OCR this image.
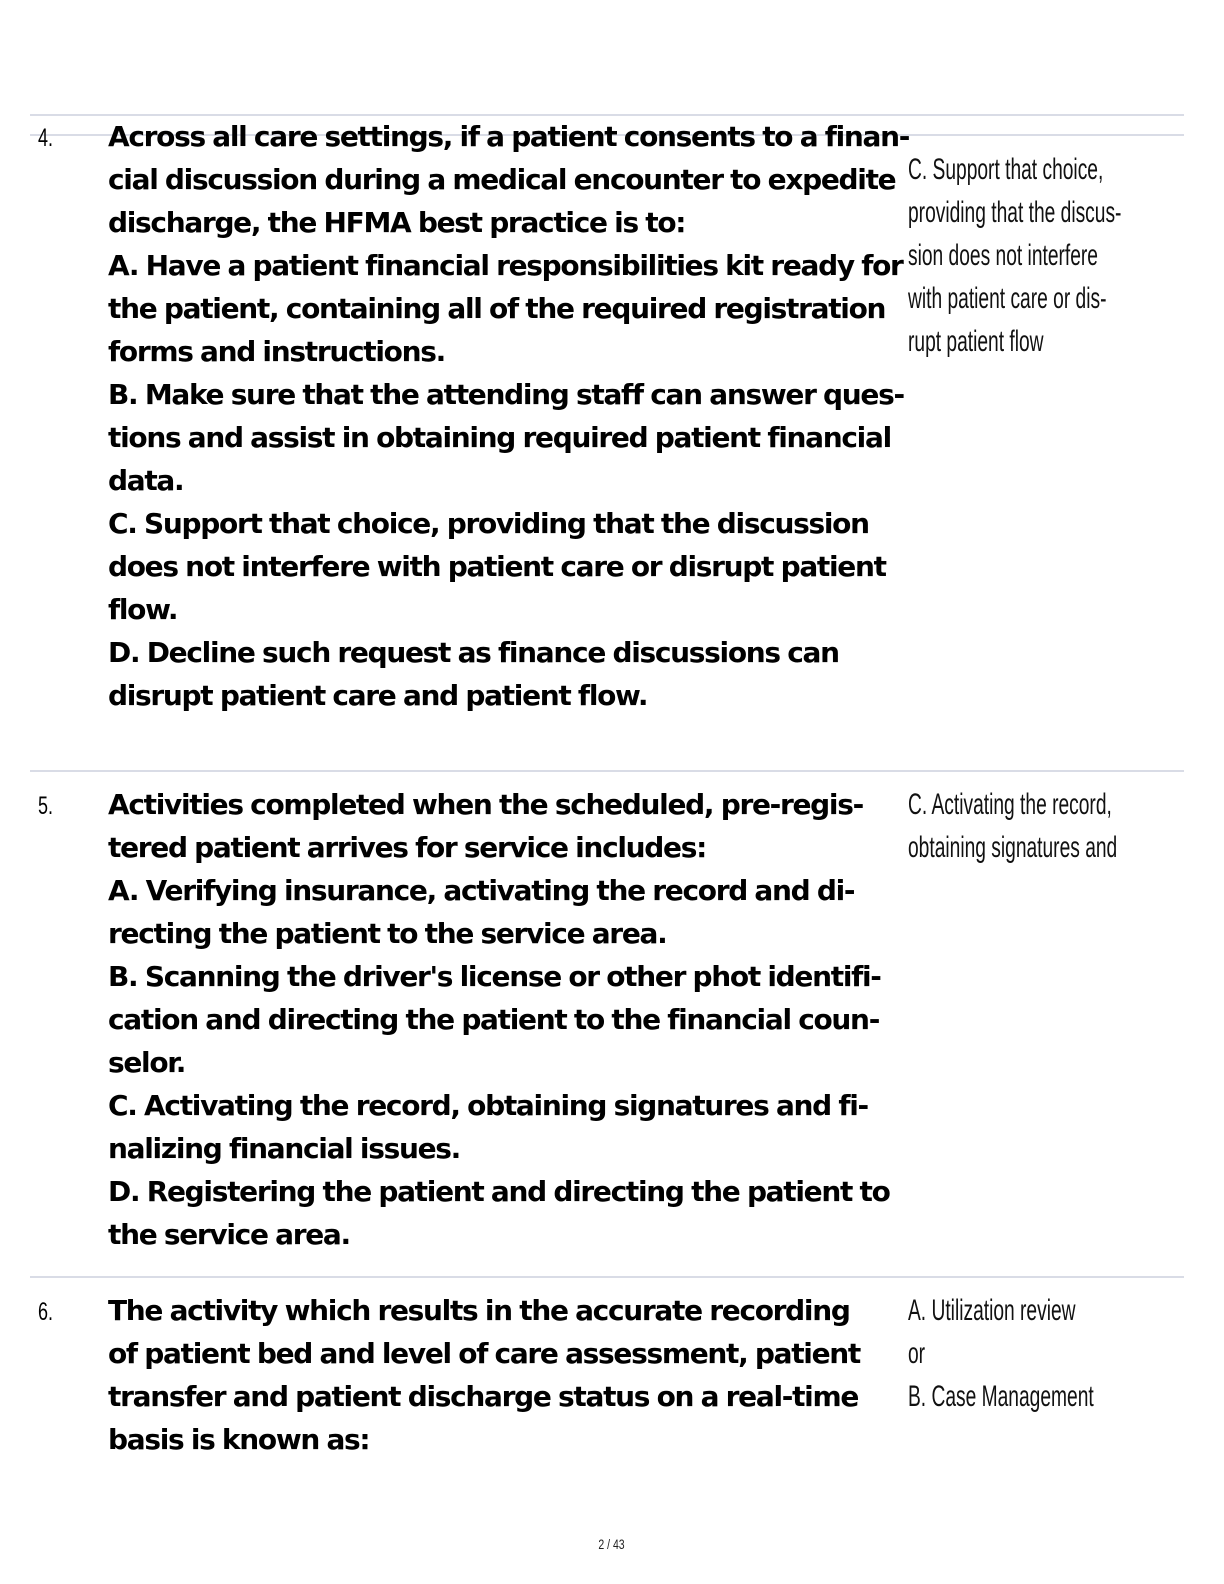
4. Across all care settings, if a patient consents to a finan-
cial discussion during a medical encounter to expedite
discharge, the HFMA best practice is to:
A. Have a patient financial responsibilities kit ready for
the patient, containing all of the required registration
forms and instructions.
B. Make sure that the attending staff can answer ques-
tions and assist in obtaining required patient financial
data.
C. Support that choice, providing that the discussion
does not interfere with patient care or disrupt patient
flow.
D. Decline such request as finance discussions can
disrupt patient care and patient flow.
C. Support that choice,
providing that the discus-
sion does not interfere
with patient care or dis-
rupt patient flow
5. Activities completed when the scheduled, pre-regis-
tered patient arrives for service includes:
A. Verifying insurance, activating the record and di-
recting the patient to the service area.
B. Scanning the driver's license or other phot identifi-
cation and directing the patient to the financial coun-
selor.
C. Activating the record, obtaining signatures and fi-
nalizing financial issues.
D. Registering the patient and directing the patient to
the service area.
C. Activating the record,
obtaining signatures and
6. The activity which results in the accurate recording
of patient bed and level of care assessment, patient
transfer and patient discharge status on a real-time
basis is known as:
A. Utilization review
or
B. Case Management
2 / 43
